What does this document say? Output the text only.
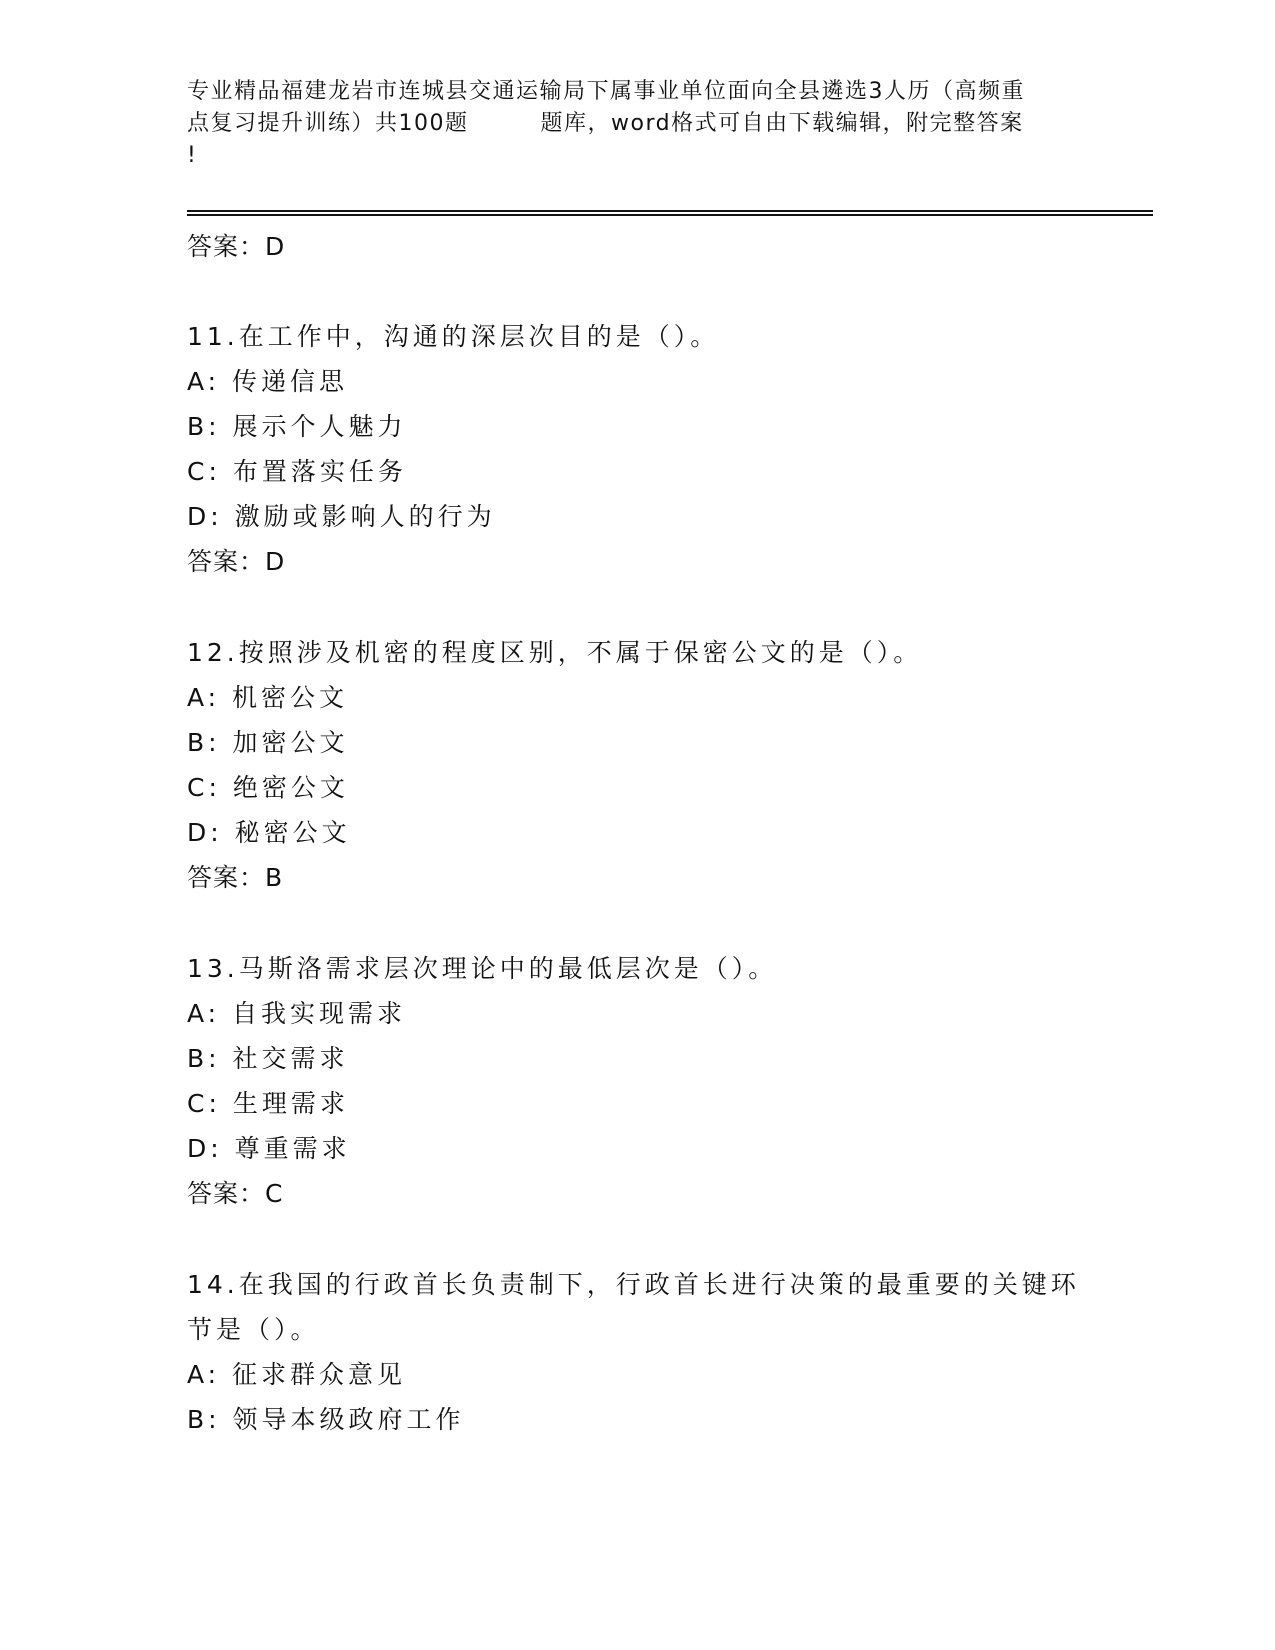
专业精品福建龙岩市连城县交通运输局下属事业单位面向全县遴选3人历（高频重
点复习提升训练）共100题	题库，word格式可自由下载编辑，附完整答案
!
答案：D
11.在工作中，沟通的深层次目的是（）。
A: 传递信思
B: 展示个人魅力
C: 布置落实任务
D: 激励或影响人的行为
答案：D
12.按照涉及机密的程度区别，不属于保密公文的是（）。
A: 机密公文
B: 加密公文
C: 绝密公文
D: 秘密公文
答案：B
13.马斯洛需求层次理论中的最低层次是（）。
A: 自我实现需求
B: 社交需求
C: 生理需求
D: 尊重需求
答案：C
14.在我国的行政首长负责制下，行政首长进行决策的最重要的关键环
节是（）。
A: 征求群众意见
B: 领导本级政府工作
